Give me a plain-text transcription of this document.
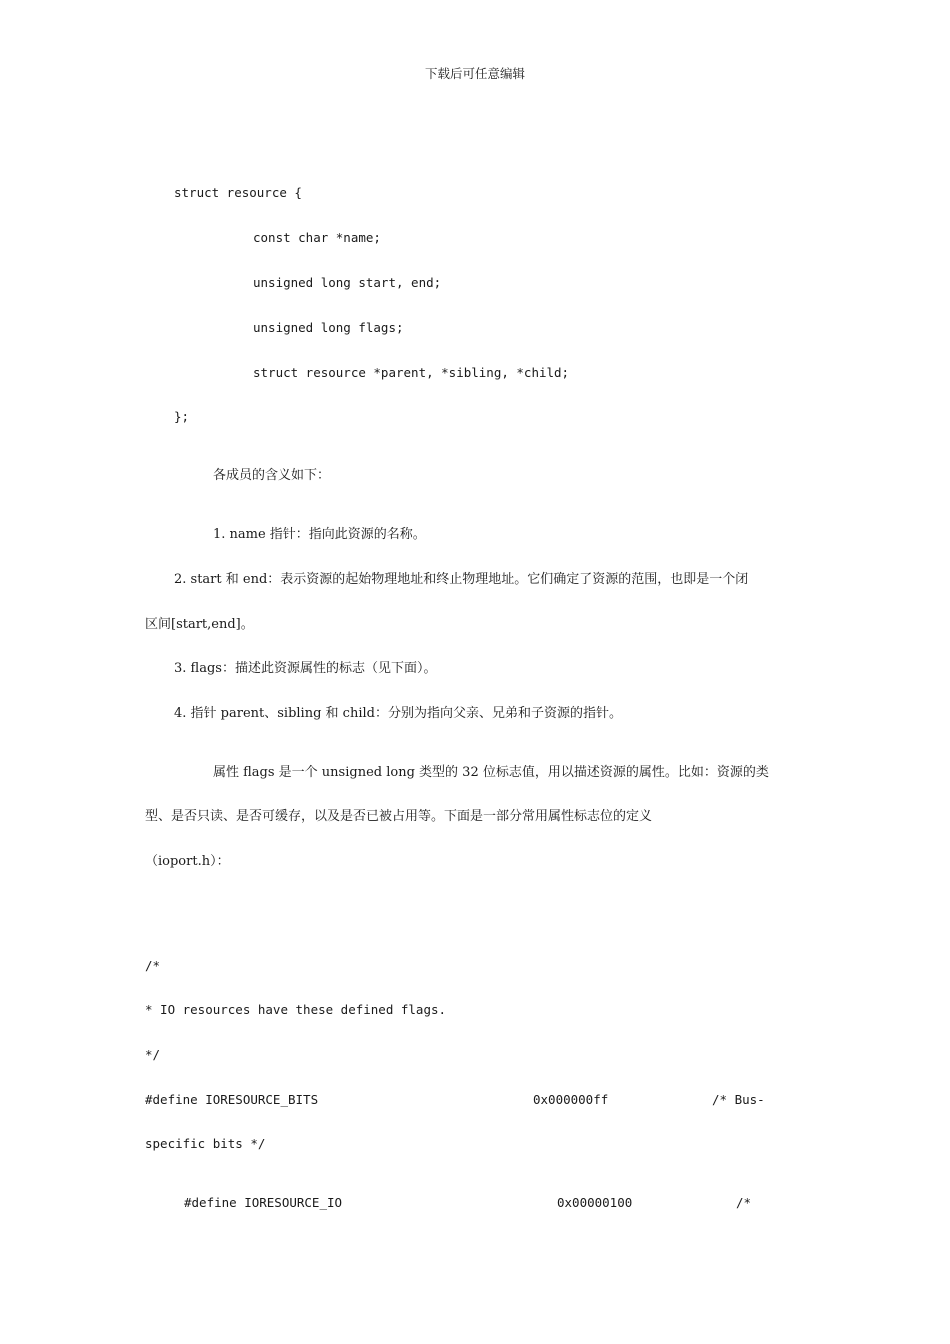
下载后可任意编辑
struct resource {
const char *name;
unsigned long start, end;
unsigned long flags;
struct resource *parent, *sibling, *child;
};
各成员的含义如下：
1. name 指针：指向此资源的名称。
2. start 和 end：表示资源的起始物理地址和终止物理地址。它们确定了资源的范围，也即是一个闭
区间[start,end]。
3. flags：描述此资源属性的标志（见下面）。
4. 指针 parent、sibling 和 child：分别为指向父亲、兄弟和子资源的指针。
属性 flags 是一个 unsigned long 类型的 32 位标志值，用以描述资源的属性。比如：资源的类
型、是否只读、是否可缓存，以及是否已被占用等。下面是一部分常用属性标志位的定义
（ioport.h）：
/*
* IO resources have these defined flags.
*/
#define IORESOURCE_BITS	0x000000ff	/* Bus-
specific bits */
#define IORESOURCE_IO	0x00000100	/*
